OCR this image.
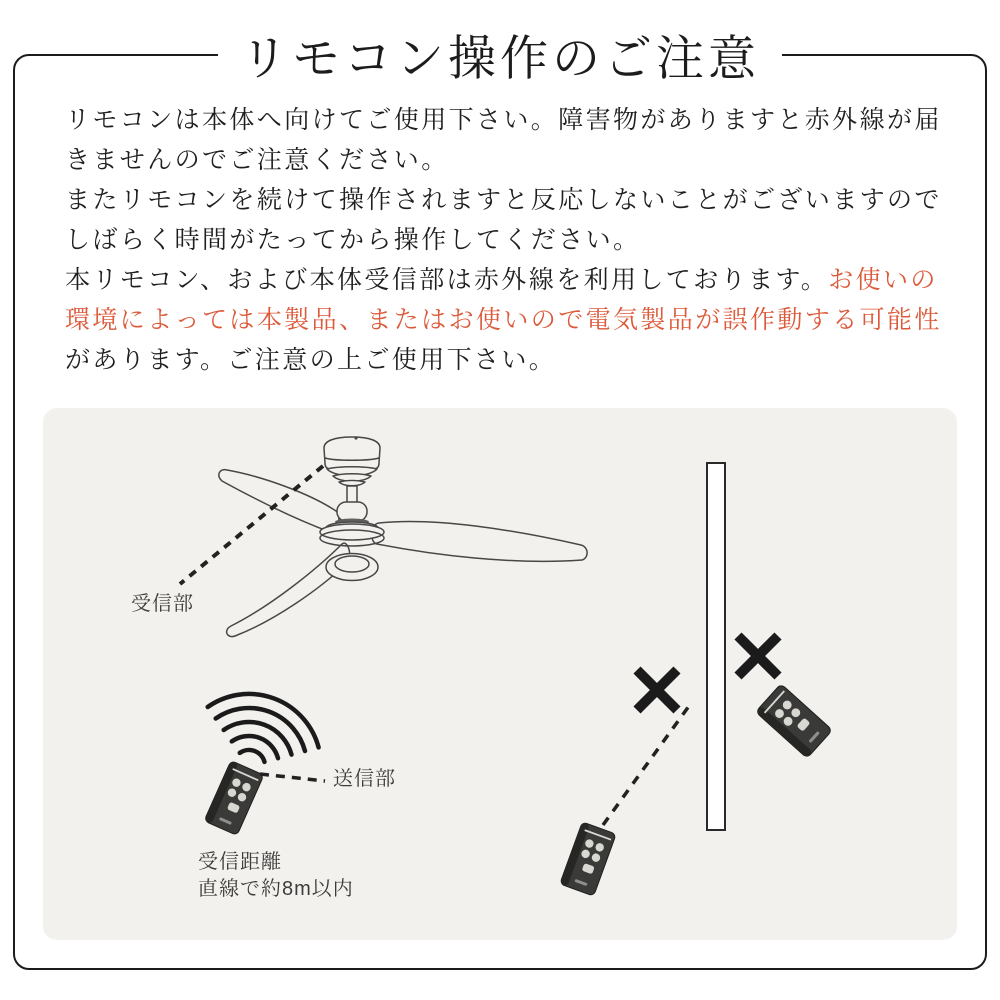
リモコン操作のご注意
リモコンは本体へ向けてご使用下さい。障害物がありますと赤外線が届
きませんのでご注意ください。
またリモコンを続けて操作されますと反応しないことがございますので
しばらく時間がたってから操作してください。
本リモコン、および本体受信部は赤外線を利用しております。お使いの
環境によっては本製品、またはお使いので電気製品が誤作動する可能性
があります。ご注意の上ご使用下さい。
受信部
送信部
受信距離
直線で約8m以内
